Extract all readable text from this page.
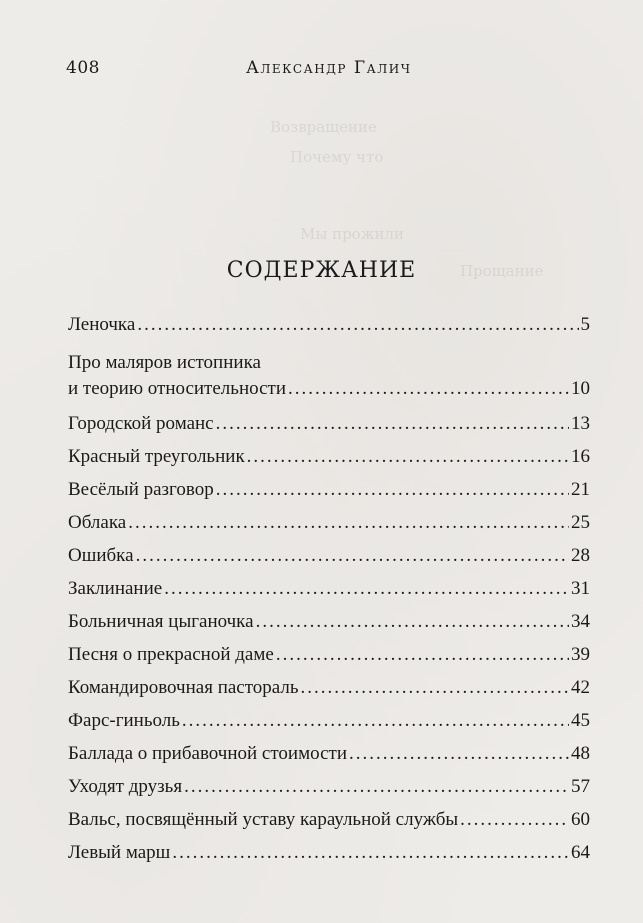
Возвращение
Почему что
Мы прожили
Прощание
408	Александр Галич
СОДЕРЖАНИЕ
Леночка .....	5
Про маляров истопника
и теорию относительности .....	10
Городской романс .....	13
Красный треугольник .....	16
Весёлый разговор .....	21
Облака .....	25
Ошибка .....	28
Заклинание .....	31
Больничная цыганочка .....	34
Песня о прекрасной даме .....	39
Командировочная пастораль .....	42
Фарс-гиньоль .....	45
Баллада о прибавочной стоимости .....	48
Уходят друзья .....	57
Вальс, посвящённый уставу караульной службы .....	60
Левый марш .....	64
